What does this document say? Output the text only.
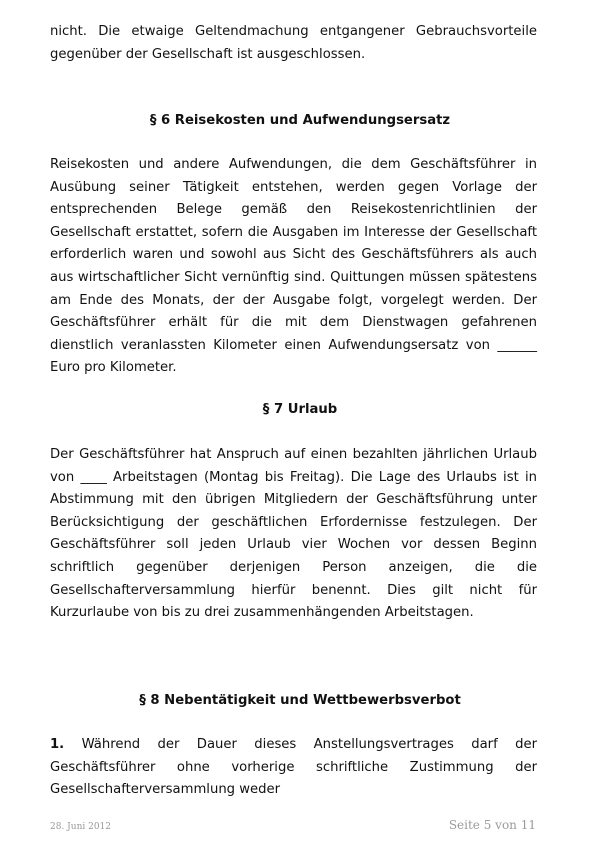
nicht. Die etwaige Geltendmachung entgangener Gebrauchsvorteile gegenüber der Gesellschaft ist ausgeschlossen.

§ 6 Reisekosten und Aufwendungsersatz

Reisekosten und andere Aufwendungen, die dem Geschäftsführer in Ausübung seiner Tätigkeit entstehen, werden gegen Vorlage der entsprechenden Belege gemäß den Reisekostenrichtlinien der Gesellschaft erstattet, sofern die Ausgaben im Interesse der Gesellschaft erforderlich waren und sowohl aus Sicht des Geschäftsführers als auch aus wirtschaftlicher Sicht vernünftig sind. Quittungen müssen spätestens am Ende des Monats, der der Ausgabe folgt, vorgelegt werden. Der Geschäftsführer erhält für die mit dem Dienstwagen gefahrenen dienstlich veranlassten Kilometer einen Aufwendungsersatz von ______ Euro pro Kilometer.

§ 7 Urlaub

Der Geschäftsführer hat Anspruch auf einen bezahlten jährlichen Urlaub von ____ Arbeitstagen (Montag bis Freitag). Die Lage des Urlaubs ist in Abstimmung mit den übrigen Mitgliedern der Geschäftsführung unter Berücksichtigung der geschäftlichen Erfordernisse festzulegen. Der Geschäftsführer soll jeden Urlaub vier Wochen vor dessen Beginn schriftlich gegenüber derjenigen Person anzeigen, die die Gesellschafterversammlung hierfür benennt. Dies gilt nicht für Kurzurlaube von bis zu drei zusammenhängenden Arbeitstagen.

§ 8 Nebentätigkeit und Wettbewerbsverbot

1. Während der Dauer dieses Anstellungsvertrages darf der Geschäftsführer ohne vorherige schriftliche Zustimmung der Gesellschafterversammlung weder

28. Juni 2012	Seite 5 von 11
